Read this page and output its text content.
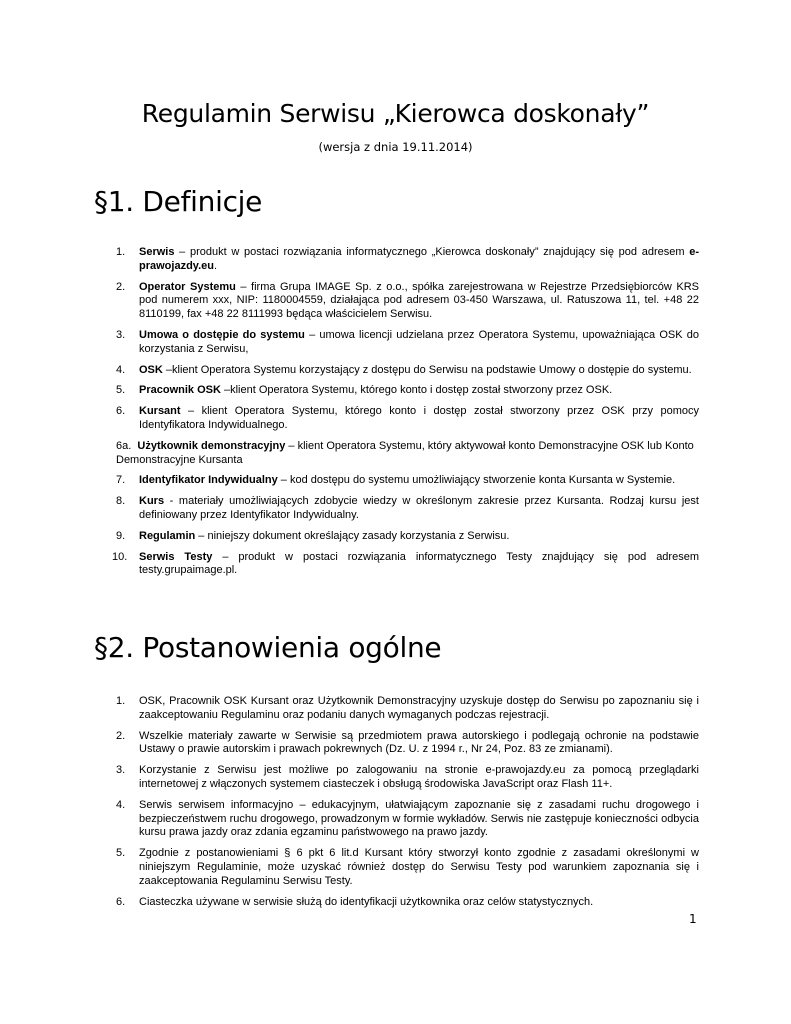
Regulamin Serwisu „Kierowca doskonały”
(wersja z dnia 19.11.2014)
§1. Definicje
1.	Serwis – produkt w postaci rozwiązania informatycznego „Kierowca doskonały” znajdujący się pod adresem e-prawojazdy.eu.
2.	Operator Systemu – firma Grupa IMAGE Sp. z o.o., spółka zarejestrowana w Rejestrze Przedsiębiorców KRS pod numerem xxx, NIP: 1180004559, działająca pod adresem 03-450 Warszawa, ul. Ratuszowa 11, tel. +48 22 8110199, fax +48 22 8111993 będąca właścicielem Serwisu.
3.	Umowa o dostępie do systemu – umowa licencji udzielana przez Operatora Systemu, upoważniająca OSK do korzystania z Serwisu,
4.	OSK –klient Operatora Systemu korzystający z dostępu do Serwisu na podstawie Umowy o dostępie do systemu.
5.	Pracownik OSK –klient Operatora Systemu, którego konto i dostęp został stworzony przez OSK.
6.	Kursant – klient Operatora Systemu, którego konto i dostęp został stworzony przez OSK przy pomocy Identyfikatora Indywidualnego.
6a. Użytkownik demonstracyjny – klient Operatora Systemu, który aktywował konto Demonstracyjne OSK lub Konto Demonstracyjne Kursanta
7.	Identyfikator Indywidualny – kod dostępu do systemu umożliwiający stworzenie konta Kursanta w Systemie.
8.	Kurs - materiały umożliwiających zdobycie wiedzy w określonym zakresie przez Kursanta. Rodzaj kursu jest definiowany przez Identyfikator Indywidualny.
9.	Regulamin – niniejszy dokument określający zasady korzystania z Serwisu.
10. Serwis Testy – produkt w postaci rozwiązania informatycznego Testy znajdujący się pod adresem testy.grupaimage.pl.
§2. Postanowienia ogólne
1.	OSK, Pracownik OSK Kursant oraz Użytkownik Demonstracyjny uzyskuje dostęp do Serwisu po zapoznaniu się i zaakceptowaniu Regulaminu oraz podaniu danych wymaganych podczas rejestracji.
2.	Wszelkie materiały zawarte w Serwisie są przedmiotem prawa autorskiego i podlegają ochronie na podstawie Ustawy o prawie autorskim i prawach pokrewnych (Dz. U. z 1994 r., Nr 24, Poz. 83 ze zmianami).
3.	Korzystanie z Serwisu jest możliwe po zalogowaniu na stronie e-prawojazdy.eu za pomocą przeglądarki internetowej z włączonych systemem ciasteczek i obsługą środowiska JavaScript oraz Flash 11+.
4.	Serwis serwisem informacyjno – edukacyjnym, ułatwiającym zapoznanie się z zasadami ruchu drogowego i bezpieczeństwem ruchu drogowego, prowadzonym w formie wykładów. Serwis nie zastępuje konieczności odbycia kursu prawa jazdy oraz zdania egzaminu państwowego na prawo jazdy.
5.	Zgodnie z postanowieniami § 6 pkt 6 lit.d Kursant który stworzył konto zgodnie z zasadami określonymi w niniejszym Regulaminie, może uzyskać również dostęp do Serwisu Testy pod warunkiem zapoznania się i zaakceptowania Regulaminu Serwisu Testy.
6.	Ciasteczka używane w serwisie służą do identyfikacji użytkownika oraz celów statystycznych.
1
